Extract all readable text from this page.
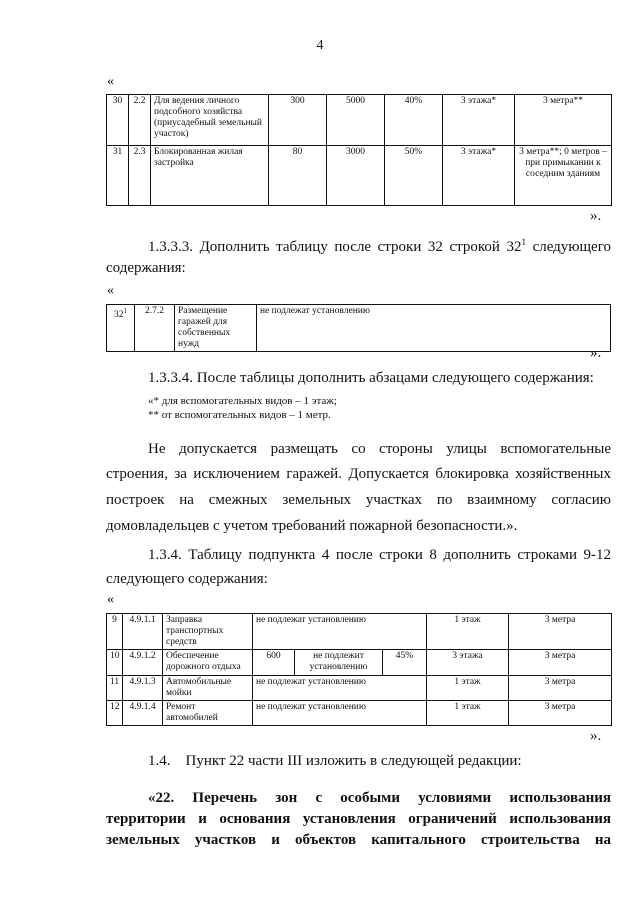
4
«
30	2.2	Для ведения личного подсобного хозяйства (приусадебный земельный участок)	300	5000	40%	3 этажа*	3 метра**
31	2.3	Блокированная жилая застройка	80	3000	50%	3 этажа*	3 метра**; 0 метров – при примыкании к соседним зданиям
».
1.3.3.3. Дополнить таблицу после строки 32 строкой $32^1$ следующего
содержания:
«
$32^1$	2.7.2	Размещение гаражей для собственных нужд	не подлежат установлению
».
1.3.3.4. После таблицы дополнить абзацами следующего содержания:
«* для вспомогательных видов – 1 этаж;
** от вспомогательных видов – 1 метр.
Не допускается размещать со стороны улицы вспомогательные
строения, за исключением гаражей. Допускается блокировка хозяйственных
построек на смежных земельных участках по взаимному согласию
домовладельцев с учетом требований пожарной безопасности.».
1.3.4. Таблицу подпункта 4 после строки 8 дополнить строками 9-12
следующего содержания:
«
9	4.9.1.1	Заправка транспортных средств	не подлежат установлению			1 этаж	3 метра
10	4.9.1.2	Обеспечение дорожного отдыха	600	не подлежит установлению	45%	3 этажа	3 метра
11	4.9.1.3	Автомобильные мойки	не подлежат установлению			1 этаж	3 метра
12	4.9.1.4	Ремонт автомобилей	не подлежат установлению			1 этаж	3 метра
».
1.4.    Пункт 22 части III изложить в следующей редакции:
«22. Перечень зон с особыми условиями использования
территории и основания установления ограничений использования
земельных участков и объектов капитального строительства на
